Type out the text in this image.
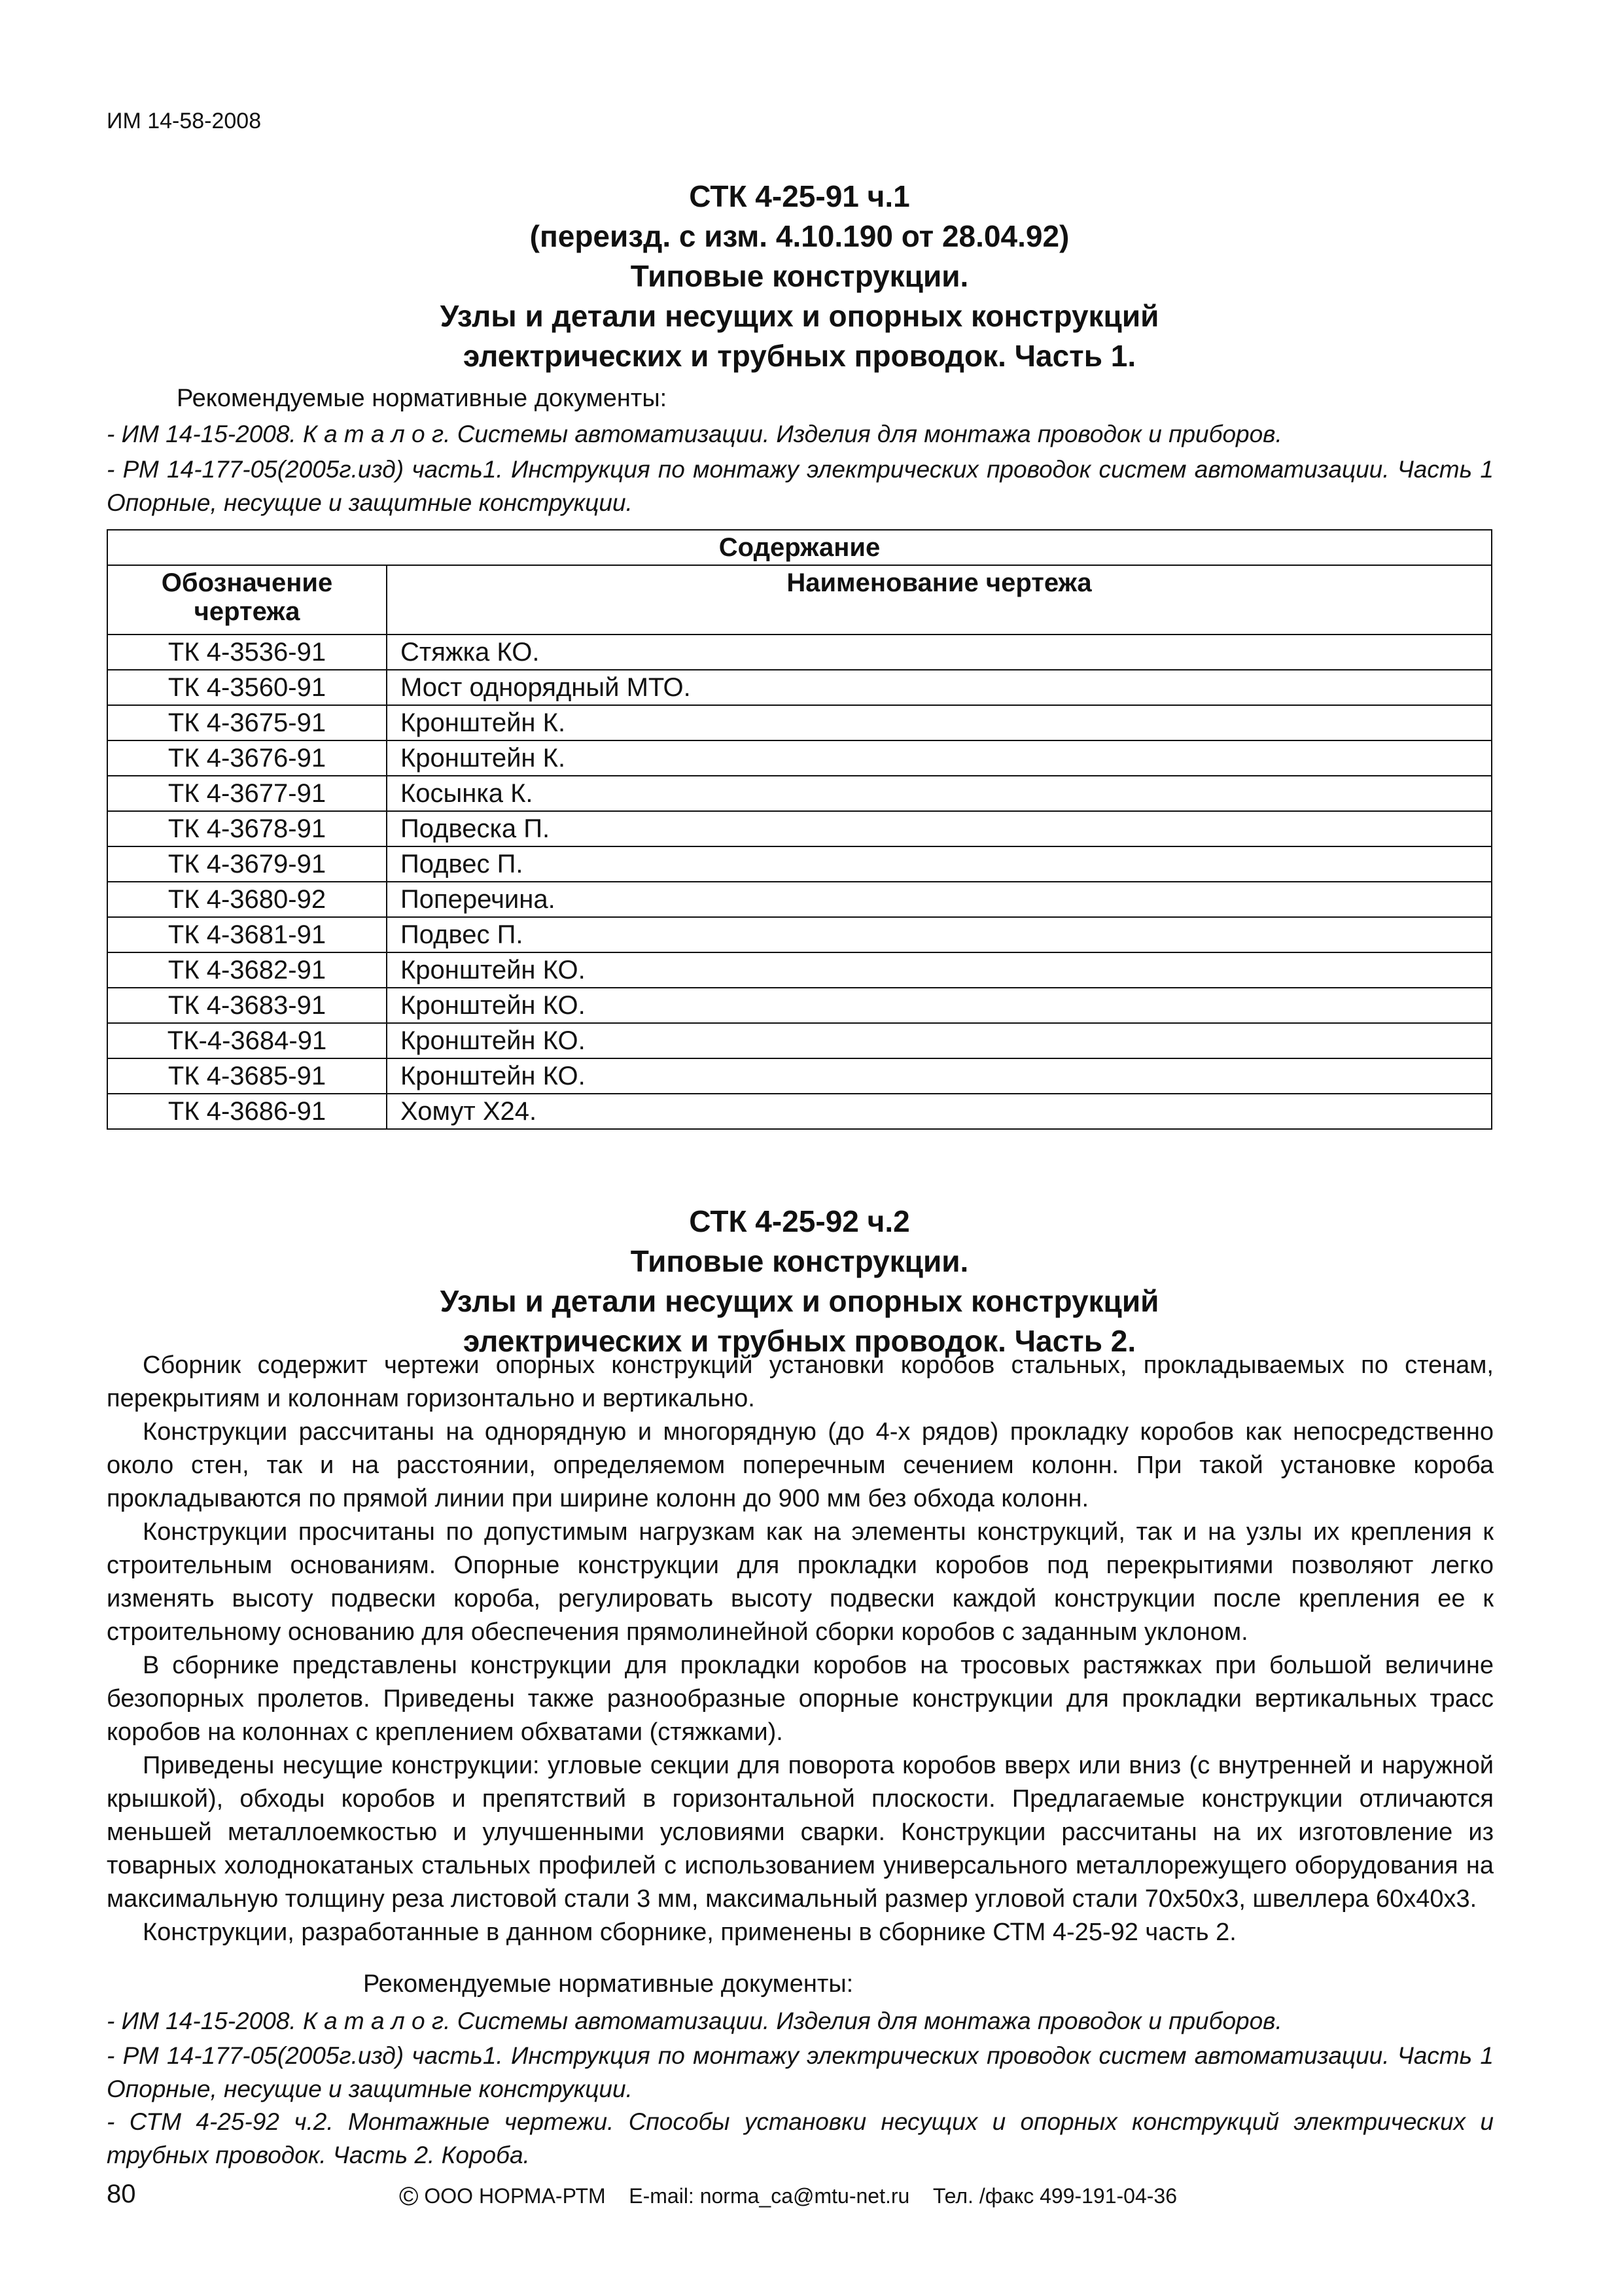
ИМ 14-58-2008
СТК 4-25-91 ч.1
(переизд. с изм. 4.10.190 от 28.04.92)
Типовые конструкции.
Узлы и детали несущих и опорных конструкций
электрических и трубных проводок. Часть 1.
Рекомендуемые нормативные документы:
- ИМ 14-15-2008. К а т а л о г. Системы автоматизации. Изделия для монтажа проводок и приборов.
- РМ 14-177-05(2005г.изд) часть1. Инструкция по монтажу электрических проводок систем автоматизации. Часть 1 Опорные, несущие и защитные конструкции.
Содержание	
Обозначение чертежа	Наименование чертежа
ТК 4-3536-91	Стяжка КО.
ТК 4-3560-91	Мост однорядный МТО.
ТК 4-3675-91	Кронштейн К.
ТК 4-3676-91	Кронштейн К.
ТК 4-3677-91	Косынка К.
ТК 4-3678-91	Подвеска П.
ТК 4-3679-91	Подвес П.
ТК 4-3680-92	Поперечина.
ТК 4-3681-91	Подвес П.
ТК 4-3682-91	Кронштейн КО.
ТК 4-3683-91	Кронштейн КО.
ТК-4-3684-91	Кронштейн КО.
ТК 4-3685-91	Кронштейн КО.
ТК 4-3686-91	Хомут Х24.
СТК 4-25-92 ч.2
Типовые конструкции.
Узлы и детали несущих и опорных конструкций
электрических и трубных проводок. Часть 2.

Сборник содержит чертежи опорных конструкций установки коробов стальных, прокладываемых по стенам, перекрытиям и колоннам горизонтально и вертикально.

Конструкции рассчитаны на однорядную и многорядную (до 4-х рядов) прокладку коробов как непосредственно около стен, так и на расстоянии, определяемом поперечным сечением колонн. При такой установке короба прокладываются по прямой линии при ширине колонн до 900 мм без обхода колонн.

Конструкции просчитаны по допустимым нагрузкам как на элементы конструкций, так и на узлы их крепления к строительным основаниям. Опорные конструкции для прокладки коробов под перекрытиями позволяют легко изменять высоту подвески короба, регулировать высоту подвески каждой конструкции после крепления ее к строительному основанию для обеспечения прямолинейной сборки коробов с заданным уклоном.

В сборнике представлены конструкции для прокладки коробов на тросовых растяжках при большой величине безопорных пролетов. Приведены также разнообразные опорные конструкции для прокладки вертикальных трасс коробов на колоннах с креплением обхватами (стяжками).

Приведены несущие конструкции: угловые секции для поворота коробов вверх или вниз (с внутренней и наружной крышкой), обходы коробов и препятствий в горизонтальной плоскости. Предлагаемые конструкции отличаются меньшей металлоемкостью и улучшенными условиями сварки. Конструкции рассчитаны на их изготовление из товарных холоднокатаных стальных профилей с использованием универсального металлорежущего оборудования на максимальную толщину реза листовой стали 3 мм, максимальный размер угловой стали 70х50х3, швеллера 60х40х3.

Конструкции, разработанные в данном сборнике, применены в сборнике СТМ 4-25-92 часть 2.

Рекомендуемые нормативные документы:
- ИМ 14-15-2008. К а т а л о г. Системы автоматизации. Изделия для монтажа проводок и приборов.
- РМ 14-177-05(2005г.изд) часть1. Инструкция по монтажу электрических проводок систем автоматизации. Часть 1 Опорные, несущие и защитные конструкции.
- СТМ 4-25-92 ч.2. Монтажные чертежи. Способы установки несущих и опорных конструкций электрических и трубных проводок. Часть 2. Короба.
80	© ООО НОРМА-РТМ E-mail: norma_ca@mtu-net.ru Тел. /факс 499-191-04-36
